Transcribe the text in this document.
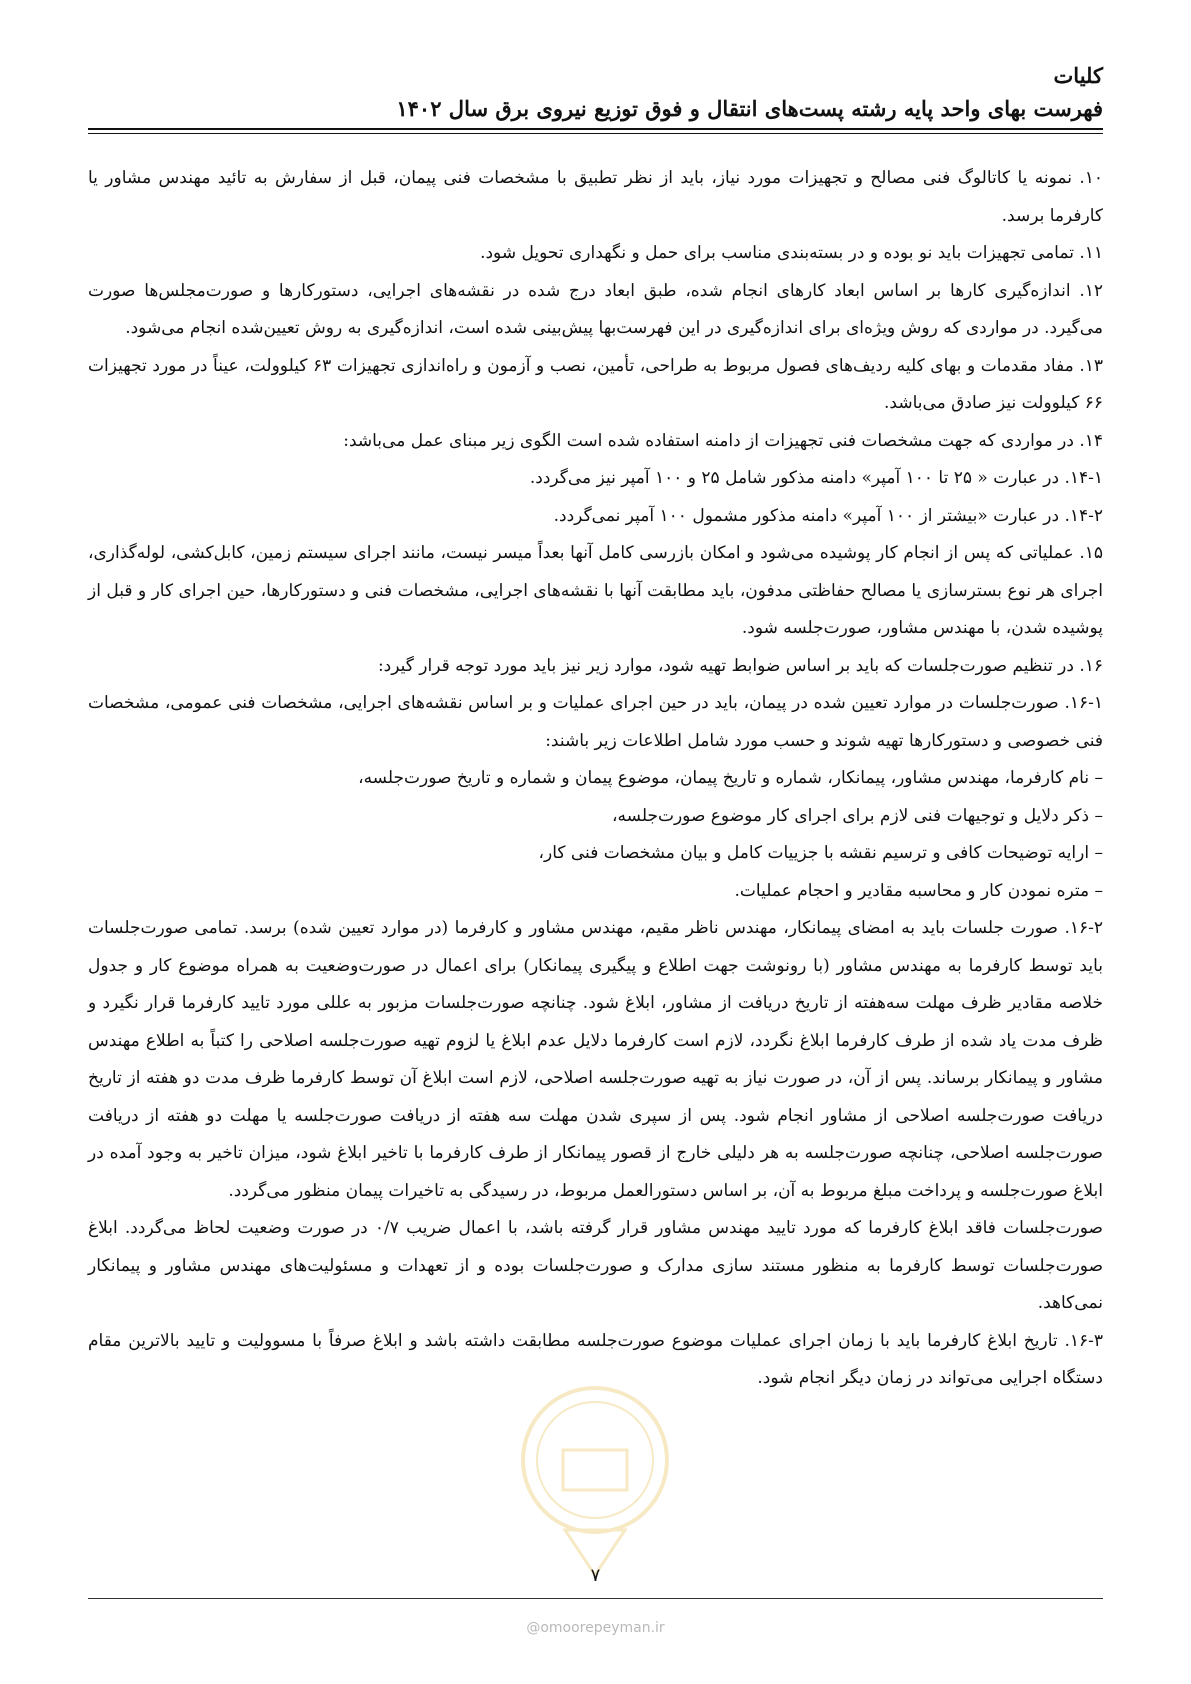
کلیات
فهرست بهای واحد پایه رشته پست‌های انتقال و فوق توزیع نیروی برق سال ۱۴۰۲

۱۰. نمونه یا کاتالوگ فنی مصالح و تجهیزات مورد نیاز، باید از نظر تطبیق با مشخصات فنی پیمان، قبل از سفارش به تائید مهندس مشاور یا کارفرما برسد.

۱۱. تمامی تجهیزات باید نو بوده و در بسته‌بندی مناسب برای حمل و نگهداری تحویل شود.

۱۲. اندازه‌گیری کارها بر اساس ابعاد کارهای انجام شده، طبق ابعاد درج شده در نقشه‌های اجرایی، دستورکارها و صورت‌مجلس‌ها صورت می‌گیرد. در مواردی که روش ویژه‌ای برای اندازه‌گیری در این فهرست‌بها پیش‌بینی شده است، اندازه‌گیری به روش تعیین‌شده انجام می‌شود.

۱۳. مفاد مقدمات و بهای کلیه ردیف‌های فصول مربوط به طراحی، تأمین، نصب و آزمون و راه‌اندازی تجهیزات ۶۳ کیلوولت، عیناً در مورد تجهیزات ۶۶ کیلوولت نیز صادق می‌باشد.

۱۴. در مواردی که جهت مشخصات فنی تجهیزات از دامنه استفاده شده است الگوی زیر مبنای عمل می‌باشد:

۱۴-۱. در عبارت « ۲۵ تا ۱۰۰ آمپر» دامنه مذکور شامل ۲۵ و ۱۰۰ آمپر نیز می‌گردد.

۱۴-۲. در عبارت «بیشتر از ۱۰۰ آمپر» دامنه مذکور مشمول ۱۰۰ آمپر نمی‌گردد.

۱۵. عملیاتی که پس از انجام کار پوشیده می‌شود و امکان بازرسی کامل آنها بعداً میسر نیست، مانند اجرای سیستم زمین، کابل‌کشی، لوله‌گذاری، اجرای هر نوع بسترسازی یا مصالح حفاظتی مدفون، باید مطابقت آنها با نقشه‌های اجرایی، مشخصات فنی و دستورکارها، حین اجرای کار و قبل از پوشیده شدن، با مهندس مشاور، صورت‌جلسه شود.

۱۶. در تنظیم صورت‌جلسات که باید بر اساس ضوابط تهیه شود، موارد زیر نیز باید مورد توجه قرار گیرد:

۱۶-۱. صورت‌جلسات در موارد تعیین شده در پیمان، باید در حین اجرای عملیات و بر اساس نقشه‌های اجرایی، مشخصات فنی عمومی، مشخصات فنی خصوصی و دستورکارها تهیه شوند و حسب مورد شامل اطلاعات زیر باشند:

– نام کارفرما، مهندس مشاور، پیمانکار، شماره و تاریخ پیمان، موضوع پیمان و شماره و تاریخ صورت‌جلسه،

– ذکر دلایل و توجیهات فنی لازم برای اجرای کار موضوع صورت‌جلسه،

– ارایه توضیحات کافی و ترسیم نقشه با جزییات کامل و بیان مشخصات فنی کار،

– متره نمودن کار و محاسبه مقادیر و احجام عملیات.

۱۶-۲. صورت جلسات باید به امضای پیمانکار، مهندس ناظر مقیم، مهندس مشاور و کارفرما (در موارد تعیین شده) برسد. تمامی صورت‌جلسات باید توسط کارفرما به مهندس مشاور (با رونوشت جهت اطلاع و پیگیری پیمانکار) برای اعمال در صورت‌وضعیت به همراه موضوع کار و جدول خلاصه مقادیر ظرف مهلت سه‌هفته از تاریخ دریافت از مشاور، ابلاغ شود. چنانچه صورت‌جلسات مزبور به عللی مورد تایید کارفرما قرار نگیرد و ظرف مدت یاد شده از طرف کارفرما ابلاغ نگردد، لازم است کارفرما دلایل عدم ابلاغ یا لزوم تهیه صورت‌جلسه اصلاحی را کتباً به اطلاع مهندس مشاور و پیمانکار برساند. پس از آن، در صورت نیاز به تهیه صورت‌جلسه اصلاحی، لازم است ابلاغ آن توسط کارفرما ظرف مدت دو هفته از تاریخ دریافت صورت‌جلسه اصلاحی از مشاور انجام شود. پس از سپری شدن مهلت سه هفته از دریافت صورت‌جلسه یا مهلت دو هفته از دریافت صورت‌جلسه اصلاحی، چنانچه صورت‌جلسه به هر دلیلی خارج از قصور پیمانکار از طرف کارفرما با تاخیر ابلاغ شود، میزان تاخیر به وجود آمده در ابلاغ صورت‌جلسه و پرداخت مبلغ مربوط به آن، بر اساس دستورالعمل مربوط، در رسیدگی به تاخیرات پیمان منظور می‌گردد.

صورت‌جلسات فاقد ابلاغ کارفرما که مورد تایید مهندس مشاور قرار گرفته باشد، با اعمال ضریب ۰/۷ در صورت وضعیت لحاظ می‌گردد. ابلاغ صورت‌جلسات توسط کارفرما به منظور مستند سازی مدارک و صورت‌جلسات بوده و از تعهدات و مسئولیت‌های مهندس مشاور و پیمانکار نمی‌کاهد.

۱۶-۳. تاریخ ابلاغ کارفرما باید با زمان اجرای عملیات موضوع صورت‌جلسه مطابقت داشته باشد و ابلاغ صرفاً با مسوولیت و تایید بالاترین مقام دستگاه اجرایی می‌تواند در زمان دیگر انجام شود.

۷
@omoorepeyman.ir
